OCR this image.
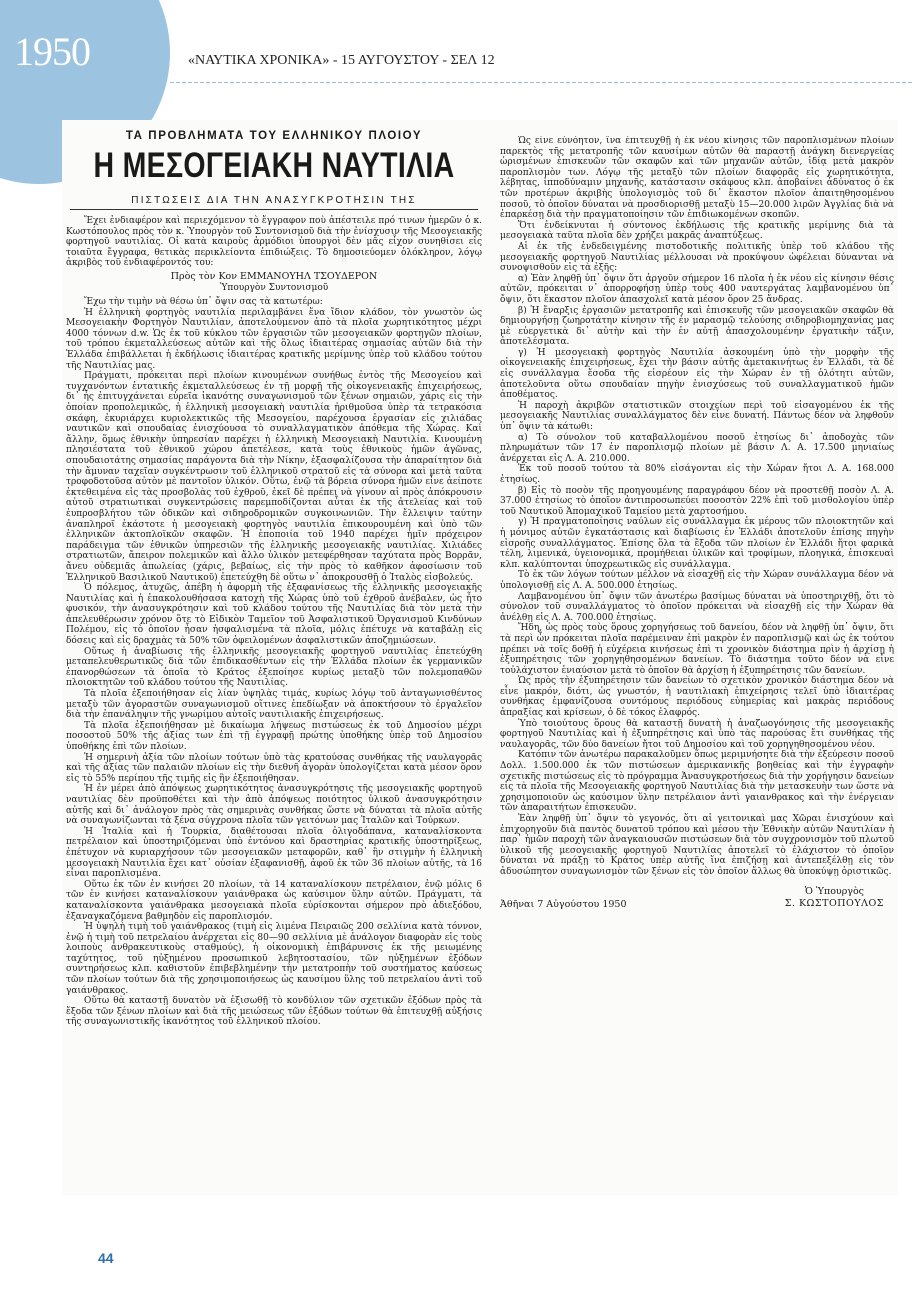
1950	«ΝΑΥΤΙΚΑ ΧΡΟΝΙΚΑ» - 15 ΑΥΓΟΥΣΤΟΥ - ΣΕΛ 12
ΤΑ ΠΡΟΒΛΗΜΑΤΑ ΤΟΥ ΕΛΛΗΝΙΚΟΥ ΠΛΟΙΟΥ
Η ΜΕΣΟΓΕΙΑΚΗ ΝΑΥΤΙΛΙΑ
ΠΙΣΤΩΣΕΙΣ ΔΙΑ ΤΗΝ ΑΝΑΣΥΓΚΡΟΤΗΣΙΝ ΤΗΣ

Ἔχει ἐνδιαφέρον καὶ περιεχόμενον τὸ ἔγγραφον ποὺ ἀπέστειλε πρό τινων ἡμερῶν ὁ κ. Κωστόπουλος πρὸς τὸν κ. Ὑπουργὸν τοῦ Συντονισμοῦ διὰ τὴν ἐνίσχυσιν τῆς Μεσογειακῆς φορτηγοῦ ναυτιλίας. Οἱ κατὰ καιροὺς ἁρμόδιοι ὑπουργοὶ δὲν μᾶς εἶχον συνηθίσει εἰς τοιαῦτα ἔγγραφα, θετικὰς περικλείοντα ἐπιδιώξεις. Τὸ δημοσιεύομεν ὁλόκληρον, λόγῳ ἀκριβὸς τοῦ ἐνδιαφέροντός του:

Πρὸς τὸν Κον ΕΜΜΑΝΟΥΗΛ ΤΣΟΥΔΕΡΟΝ

Ὑπουργὸν Συντονισμοῦ

Ἔχω τὴν τιμὴν νὰ θέσω ὑπ᾽ ὄψιν σας τὰ κατωτέρω:

Ἡ ἑλληνικὴ φορτηγὸς ναυτιλία περιλαμβάνει ἕνα ἴδιον κλάδον, τὸν γνωστὸν ὡς Μεσογειακὴν Φορτηγὸν Ναυτιλίαν, ἀποτελούμενον ἀπὸ τὰ πλοῖα χωρητικότητος μέχρι 4000 τόννων d.w. Ὡς ἐκ τοῦ κύκλου τῶν ἐργασιῶν τῶν μεσογειακῶν φορτηγῶν πλοίων, τοῦ τρόπου ἐκμεταλλεύσεως αὐτῶν καὶ τῆς ὅλως ἰδιαιτέρας σημασίας αὐτῶν διὰ τὴν Ἑλλάδα ἐπιβάλλεται ἡ ἐκδήλωσις ἰδιαιτέρας κρατικῆς μερίμνης ὑπὲρ τοῦ κλάδου τούτου τῆς Ναυτιλίας μας.

Πράγματι, πρόκειται περὶ πλοίων κινουμένων συνήθως ἐντὸς τῆς Μεσογείου καὶ τυγχανόντων ἐντατικῆς ἐκμεταλλεύσεως ἐν τῇ μορφῇ τῆς οἰκογενειακῆς ἐπιχειρήσεως, δι᾽ ἧς ἐπιτυγχάνεται εὐρεῖα ἱκανότης συναγωνισμοῦ τῶν ξένων σημαιῶν, χάρις εἰς τὴν ὁποίαν προπολεμικῶς, ἡ ἑλληνικὴ μεσογειακὴ ναυτιλία ἠριθμοῦσα ὑπὲρ τὰ τετρακόσια σκάφη, ἐκυριάρχει κυριολεκτικῶς τῆς Μεσογείου, παρέχουσα ἐργασίαν εἰς χιλιάδας ναυτικῶν καὶ σπουδαίας ἐνισχύουσα τὸ συναλλαγματικὸν ἀπόθεμα τῆς Χώρας. Καὶ ἄλλην, ὅμως ἐθνικὴν ὑπηρεσίαν παρέχει ἡ ἑλληνικὴ Μεσογειακὴ Ναυτιλία. Κινουμένη πλησιέστατα τοῦ ἐθνικοῦ χώρου ἀπετέλεσε, κατὰ τοὺς ἐθνικοὺς ἡμῶν ἀγῶνας, σπουδαιοτάτης σημασίας παράγοντα διὰ τὴν Νίκην, ἐξασφαλίζουσα τὴν ἀπαραίτητον διὰ τὴν ἄμυναν ταχεῖαν συγκέντρωσιν τοῦ ἑλληνικοῦ στρατοῦ εἰς τὰ σύνορα καὶ μετὰ ταῦτα τροφοδοτοῦσα αὐτὸν μὲ παντοῖον ὑλικόν. Οὕτω, ἐνῷ τὰ βόρεια σύνορα ἡμῶν εἶνε ἀείποτε ἐκτεθειμένα εἰς τὰς προσβολὰς τοῦ ἐχθροῦ, ἐκεῖ δὲ πρέπει νὰ γίνουν αἱ πρὸς ἀπόκρουσιν αὐτοῦ στρατιωτικαὶ συγκεντρώσεις παρεμποδίζονται αὗται ἐκ τῆς ἀτελείας καὶ τοῦ ἐυπροσβλήτου τῶν ὁδικῶν καὶ σιδηροδρομικῶν συγκοινωνιῶν. Τὴν ἔλλειψιν ταύτην ἀναπληροῖ ἑκάστοτε ἡ μεσογειακὴ φορτηγὸς ναυτιλία ἐπικουρουμένη καὶ ὑπὸ τῶν ἑλληνικῶν ἀκτοπλοϊκῶν σκαφῶν. Ἡ ἐποποιία τοῦ 1940 παρέχει ἡμῖν πρόχειρον παράδειγμα τῶν ἐθνικῶν ὑπηρεσιῶν τῆς ἑλληνικῆς μεσογειακῆς ναυτιλίας. Χιλιάδες στρατιωτῶν, ἄπειρον πολεμικῶν καὶ ἄλλο ὑλικὸν μετεφέρθησαν ταχύτατα πρὸς Βορρᾶν, ἄνευ οὐδεμιᾶς ἀπωλείας (χάρις, βεβαίως, εἰς τὴν πρὸς τὸ καθῆκον ἀφοσίωσιν τοῦ Ἑλληνικοῦ Βασιλικοῦ Ναυτικοῦ) ἐπετεύχθη δὲ οὕτω ν᾽ ἀποκρουσθῇ ὁ Ἰταλὸς εἰσβολεύς.

Ὁ πόλεμος, ἀτυχῶς, ἀπέβη ἡ ἀφορμὴ τῆς ἐξαφανίσεως τῆς ἑλληνικῆς μεσογειακῆς Ναυτιλίας καὶ ἡ ἐπακολουθήσασα κατοχὴ τῆς Χώρας ὑπὸ τοῦ ἐχθροῦ ἀνέβαλεν, ὡς ἦτο φυσικόν, τὴν ἀνασυγκρότησιν καὶ τοῦ κλάδου τούτου τῆς Ναυτιλίας διὰ τὸν μετὰ τὴν ἀπελευθέρωσιν χρόνον ὅτε τὸ Εἰδικὸν Ταμεῖον τοῦ Ἀσφαλιστικοῦ Ὀργανισμοῦ Κινδύνων Πολέμου, εἰς τὸ ὁποῖον ἦσαν ἠσφαλισμένα τὰ πλοῖα, μόλις ἐπέτυχε νὰ καταβάλῃ εἰς δόσεις καὶ εἰς δραχμὰς τὰ 50% τῶν ὀφειλομένων ἀσφαλιστικῶν ἀποζημιώσεων.

Οὕτως ἡ ἀναβίωσις τῆς ἑλληνικῆς μεσογειακῆς φορτηγοῦ ναυτιλίας ἐπετεύχθη μεταπελευθερωτικῶς διὰ τῶν ἐπιδικασθέντων εἰς τὴν Ἑλλάδα πλοίων ἐκ γερμανικῶν ἐπανορθώσεων τὰ ὁποῖα τὸ Κράτος ἐξεποίησε κυρίως μεταξὺ τῶν πολεμοπαθῶν πλοιοκτητῶν τοῦ κλάδου τούτου τῆς Ναυτιλίας.

Τὰ πλοῖα ἐξεποιήθησαν εἰς λίαν ὑψηλὰς τιμάς, κυρίως λόγῳ τοῦ ἀνταγωνισθέντος μεταξὺ τῶν ἀγοραστῶν συναγωνισμοῦ οἵτινες ἐπεδίωξαν νὰ ἀποκτήσουν τὸ ἐργαλεῖον διὰ τὴν ἐπανάληψιν τῆς γνωρίμου αὐτοῖς ναυτιλιακῆς ἐπιχειρήσεως.

Τὰ πλοῖα ἐξεποιήθησαν μὲ δικαίωμα λήψεως πιστώσεως ἐκ τοῦ Δημοσίου μέχρι ποσοστοῦ 50% τῆς ἀξίας των ἐπὶ τῇ ἐγγραφῇ πρώτης ὑποθήκης ὑπὲρ τοῦ Δημοσίου ὑποθήκης ἐπὶ τῶν πλοίων.

Ἡ σημερινὴ ἀξία τῶν πλοίων τούτων ὑπὸ τὰς κρατούσας συνθήκας τῆς ναυλαγορᾶς καὶ τῆς ἀξίας τῶν παλαιῶν πλοίων εἰς τὴν διεθνῆ ἀγορὰν ὑπολογίζεται κατὰ μέσον ὅρον εἰς τὸ 55% περίπου τῆς τιμῆς εἰς ἣν ἐξεποιήθησαν.

Ἡ ἐν μέρει ἀπὸ ἀπόψεως χωρητικότητος ἀνασυγκρότησις τῆς μεσογειακῆς φορτηγοῦ ναυτιλίας δὲν προϋποθέτει καὶ τὴν ἀπὸ ἀπόψεως ποιότητος ὑλικοῦ ἀνασυγκρότησιν αὐτῆς καὶ δι᾽ ἀνάλογον πρὸς τὰς σημερινὰς συνθήκας ὥστε νὰ δύναται τὰ πλοῖα αὐτῆς νὰ συναγωνίζωνται τὰ ξένα σύγχρονα πλοῖα τῶν γειτόνων μας Ἰταλῶν καὶ Τούρκων.

Ἡ Ἰταλία καὶ ἡ Τουρκία, διαθέτουσαι πλοῖα ὀλιγοδάπανα, καταναλίσκοντα πετρέλαιον καὶ ὑποστηριζόμεναι ὑπὸ ἐντόνου καὶ δραστηρίας κρατικῆς ὑποστηρίξεως, ἐπέτυχον νὰ κυριαρχήσουν τῶν μεσογειακῶν μεταφορῶν, καθ᾽ ἣν στιγμὴν ἡ ἑλληνικὴ μεσογειακὴ Ναυτιλία ἔχει κατ᾽ οὐσίαν ἐξαφανισθῇ, ἀφοῦ ἐκ τῶν 36 πλοίων αὐτῆς, τὰ 16 εἶναι παροπλισμένα.

Οὕτω ἐκ τῶν ἐν κινήσει 20 πλοίων, τὰ 14 καταναλίσκουν πετρέλαιον, ἐνῷ μόλις 6 τῶν ἐν κινήσει καταναλίσκουν γαιάνθρακα ὡς καύσιμον ὕλην αὐτῶν. Πράγματι, τὰ καταναλίσκοντα γαιάνθρακα μεσογειακὰ πλοῖα εὑρίσκονται σήμερον πρὸ ἀδιεξόδου, ἐξαναγκαζόμενα βαθμηδὸν εἰς παροπλισμόν.

Ἡ ὑψηλὴ τιμὴ τοῦ γαιάνθρακος (τιμὴ εἰς λιμένα Πειραιῶς 200 σελλίνια κατὰ τόννον, ἐνῷ ἡ τιμὴ τοῦ πετρελαίου ἀνέρχεται εἰς 80—90 σελλίνια μὲ ἀνάλογον διαφορὰν εἰς τοὺς λοιποὺς ἀνθρακευτικοὺς σταθμούς), ἡ οἰκονομικὴ ἐπιβάρυνσις ἐκ τῆς μειωμένης ταχύτητος, τοῦ ηὐξημένου προσωπικοῦ λεβητοστασίου, τῶν ηὐξημένων ἐξόδων συντηρήσεως κλπ. καθιστοῦν ἐπιβεβλημένην τὴν μετατροπὴν τοῦ συστήματος καύσεως τῶν πλοίων τούτων διὰ τῆς χρησιμοποιήσεως ὡς καυσίμου ὕλης τοῦ πετρελαίου ἀντὶ τοῦ γαιάνθρακος.

Οὕτω θὰ καταστῇ δυνατὸν νὰ ἐξισωθῇ τὸ κονδύλιον τῶν σχετικῶν ἐξόδων πρὸς τὰ ἔξοδα τῶν ξένων πλοίων καὶ διὰ τῆς μειώσεως τῶν ἐξόδων τούτων θὰ ἐπιτευχθῇ αὐξήσις τῆς συναγωνιστικῆς ἱκανότητος τοῦ ἑλληνικοῦ πλοίου.

Ὡς εἶνε εὐνόητον, ἵνα ἐπιτευχθῇ ἡ ἐκ νέου κίνησις τῶν παροπλισμένων πλοίων παρεκτὸς τῆς μετατροπῆς τῶν καυσίμων αὐτῶν θὰ παραστῇ ἀνάγκη διενεργείας ὡρισμένων ἐπισκευῶν τῶν σκαφῶν καὶ τῶν μηχανῶν αὐτῶν, ἰδίᾳ μετὰ μακρὸν παροπλισμὸν των. Λόγῳ τῆς μεταξὺ τῶν πλοίων διαφορᾶς εἰς χωρητικότητα, λέβητας, ἱπποδύναμιν μηχανῆς, κατάστασιν σκάφους κλπ. ἀποβαίνει ἀδύνατος ὁ ἐκ τῶν προτέρων ἀκριβὴς ὑπολογισμὸς τοῦ δι᾽ ἕκαστον πλοῖον ἀπαιτηθησομένου ποσοῦ, τὸ ὁποῖον δύναται νὰ προσδιορισθῇ μεταξὺ 15—20.000 λιρῶν Ἀγγλίας διὰ νὰ ἐπαρκέσῃ διὰ τὴν πραγματοποίησιν τῶν ἐπιδιωκομένων σκοπῶν.

Ὅτι ἐνδείκνυται ἡ σύντονος ἐκδήλωσις τῆς κρατικῆς μερίμνης διὰ τὰ μεσογειακὰ ταῦτα πλοῖα δὲν χρήζει μακρᾶς ἀναπτύξεως.

Αἱ ἐκ τῆς ἐνδεδειγμένης πιστοδοτικῆς πολιτικῆς ὑπὲρ τοῦ κλάδου τῆς μεσογειακῆς φορτηγοῦ Ναυτιλίας μέλλουσαι νὰ προκύψουν ὠφέλειαι δύνανται νὰ συνοψισθοῦν εἰς τὰ ἑξῆς:

α) Ἐὰν ληφθῇ ὑπ᾽ ὄψιν ὅτι ἀργοῦν σήμερον 16 πλοῖα ἡ ἐκ νέου εἰς κίνησιν θέσις αὐτῶν, πρόκειται ν᾽ ἀπορροφήσῃ ὑπὲρ τοὺς 400 ναυτεργάτας λαμβανομένου ὑπ᾽ ὄψιν, ὅτι ἕκαστον πλοῖον ἀπασχολεῖ κατὰ μέσον ὅρον 25 ἄνδρας.

β) Ἡ ἔναρξις ἐργασιῶν μετατροπῆς καὶ ἐπισκευῆς τῶν μεσογειακῶν σκαφῶν θὰ δημιουργήσῃ ζωηροτάτην κίνησιν τῆς ἐν μαρασμῷ τελούσης σιδηροβιομηχανίας μας μὲ εὐεργετικὰ δι᾽ αὐτὴν καὶ τὴν ἐν αὐτῇ ἀπασχολουμένην ἐργατικὴν τάξιν, ἀποτελέσματα.

γ) Ἡ μεσογειακὴ φορτηγὸς Ναυτιλία ἀσκουμένη ὑπὸ τὴν μορφὴν τῆς οἰκογενειακῆς ἐπιχειρήσεως, ἔχει τὴν βάσιν αὐτῆς ἀμετακινήτως ἐν Ἑλλάδι, τὰ δὲ εἰς συνάλλαγμα ἔσοδα τῆς εἰσρέουν εἰς τὴν Χώραν ἐν τῇ ὁλότητι αὐτῶν, ἀποτελοῦντα οὕτω σπουδαίαν πηγὴν ἐνισχύσεως τοῦ συναλλαγματικοῦ ἡμῶν ἀποθέματος.

Ἡ παροχὴ ἀκριβῶν στατιστικῶν στοιχείων περὶ τοῦ εἰσαγομένου ἐκ τῆς μεσογειακῆς Ναυτιλίας συναλλάγματος δὲν εἶνε δυνατή. Πάντως δέον νὰ ληφθοῦν ὑπ᾽ ὄψιν τὰ κάτωθι:

α) Τὸ σύνολον τοῦ καταβαλλομένου ποσοῦ ἐτησίως δι᾽ ἀποδοχὰς τῶν πληρωμάτων τῶν 17 ἐν παροπλισμῷ πλοίων μὲ βάσιν Λ. Α. 17.500 μηνιαίως ἀνέρχεται εἰς Λ. Α. 210.000.

Ἐκ τοῦ ποσοῦ τούτου τὰ 80% εἰσάγονται εἰς τὴν Χώραν ἤτοι Λ. Α. 168.000 ἐτησίως.

β) Εἰς τὸ ποσὸν τῆς προηγουμένης παραγράφου δέον νὰ προστεθῇ ποσὸν Λ. Α. 37.000 ἐτησίως τὸ ὁποῖον ἀντιπροσωπεύει ποσοστὸν 22% ἐπὶ τοῦ μισθολογίου ὑπὲρ τοῦ Ναυτικοῦ Ἀπομαχικοῦ Ταμείου μετὰ χαρτοσήμου.

γ) Ἡ πραγματοποίησις ναύλων εἰς συνάλλαγμα ἐκ μέρους τῶν πλοιοκτητῶν καὶ ἡ μόνιμος αὐτῶν ἐγκατάστασις καὶ διαβίωσις ἐν Ἑλλάδι ἀποτελοῦν ἐπίσης πηγὴν εἰσροῆς συναλλάγματος. Ἐπίσης ὅλα τὰ ἔξοδα τῶν πλοίων ἐν Ἑλλάδι ἤτοι φαρικὰ τέλη, λιμενικά, ὑγειονομικά, προμήθειαι ὑλικῶν καὶ τροφίμων, πλοηγικά, ἐπισκευαὶ κλπ. καλύπτονται ὑποχρεωτικῶς εἰς συνάλλαγμα.

Τὸ ἐκ τῶν λόγων τούτων μέλλον νὰ εἰσαχθῇ εἰς τὴν Χώραν συνάλλαγμα δέον νὰ ὑπολογισθῇ εἰς Λ. Α. 500.000 ἐτησίως.

Λαμβανομένου ὑπ᾽ ὄψιν τῶν ἀνωτέρω βασίμως δύναται νὰ ὑποστηριχθῇ, ὅτι τὸ σύνολον τοῦ συναλλάγματος τὸ ὁποῖον πρόκειται νὰ εἰσαχθῇ εἰς τὴν Χώραν θὰ ἀνέλθῃ εἰς Λ. Α. 700.000 ἐτησίως.

Ἤδη, ὡς πρὸς τοὺς ὅρους χορηγήσεως τοῦ δανείου, δέον νὰ ληφθῇ ὑπ᾽ ὄψιν, ὅτι τὰ περὶ ὧν πρόκειται πλοῖα παρέμειναν ἐπὶ μακρὸν ἐν παροπλισμῷ καὶ ὡς ἐκ τούτου πρέπει νὰ τοῖς δοθῇ ἡ εὐχέρεια κινήσεως ἐπὶ τι χρονικὸν διάστημα πρὶν ἡ ἀρχίσῃ ἡ ἐξυπηρέτησις τῶν χορηγηθησομένων δανείων. Τὸ διάστημα τοῦτο δέον νὰ εἶνε τοὐλάχιστον ἑνιαύσιον μετὰ τὸ ὁποῖον θὰ ἀρχίσῃ ἡ ἐξυπηρέτησις τῶν δανείων.

Ὡς πρὸς τὴν ἐξυπηρέτησιν τῶν δανείων τὸ σχετικὸν χρονικὸν διάστημα δέον νὰ εἶνε μακρόν, διότι, ὡς γνωστόν, ἡ ναυτιλιακὴ ἐπιχείρησις τελεῖ ὑπὸ ἰδιαιτέρας συνθήκας ἐμφανίζουσα συντόμους περιόδους εὐημερίας καὶ μακρὰς περιόδους ἀπραξίας καὶ κρίσεων, ὁ δὲ τόκος ἐλαφρός.

Ὑπὸ τοιούτους ὅρους θὰ καταστῇ δυνατὴ ἡ ἀναζωογόνησις τῆς μεσογειακῆς φορτηγοῦ Ναυτιλίας καὶ ἡ ἐξυπηρέτησις καὶ ὑπὸ τὰς παρούσας ἔτι συνθήκας τῆς ναυλαγορᾶς, τῶν δύο δανείων ἤτοι τοῦ Δημοσίου καὶ τοῦ χορηγηθησομένου νέου.

Κατόπιν τῶν ἀνωτέρω παρακαλοῦμεν ὅπως μεριμνήσητε διὰ τὴν ἐξεύρεσιν ποσοῦ Δολλ. 1.500.000 ἐκ τῶν πιστώσεων ἀμερικανικῆς βοηθείας καὶ τὴν ἐγγραφὴν σχετικῆς πιστώσεως εἰς τὸ πρόγραμμα Ἀνασυγκροτήσεως διὰ τὴν χορήγησιν δανείων εἰς τὰ πλοῖα τῆς Μεσογειακῆς φορτηγοῦ Ναυτιλίας διὰ τὴν μετασκευὴν των ὥστε νὰ χρησιμοποιοῦν ὡς καύσιμον ὕλην πετρέλαιον ἀντὶ γαιανθρακος καὶ τὴν ἐνέργειαν τῶν ἀπαραιτήτων ἐπισκευῶν.

Ἐὰν ληφθῇ ὑπ᾽ ὄψιν τὸ γεγονός, ὅτι αἱ γειτονικαὶ μας Χῶραι ἐνισχύουν καὶ ἐπιχορηγοῦν διὰ παντὸς δυνατοῦ τρόπου καὶ μέσου τὴν Ἐθνικὴν αὐτῶν Ναυτιλίαν ἡ παρ᾽ ἡμῶν παροχὴ τῶν ἀναγκαιουσῶν πιστώσεων διὰ τὸν συγχρονισμὸν τοῦ πλωτοῦ ὑλικοῦ τῆς μεσογειακῆς φορτηγοῦ Ναυτιλίας ἀποτελεῖ τὸ ἐλάχιστον τὸ ὁποῖον δύναται νὰ πράξῃ τὸ Κράτος ὑπὲρ αὐτῆς ἵνα ἐπιζήσῃ καὶ ἀντεπεξέλθῃ εἰς τὸν ἀδυσώπητον συναγωνισμὸν τῶν ξένων εἰς τὸν ὁποῖον ἄλλως θὰ ὑποκύψῃ ὁριστικῶς.

Ἀθῆναι 7 Αὐγούστου 1950
Ὁ Ὑπουργὸς
Σ. ΚΩΣΤΟΠΟΥΛΟΣ
44
